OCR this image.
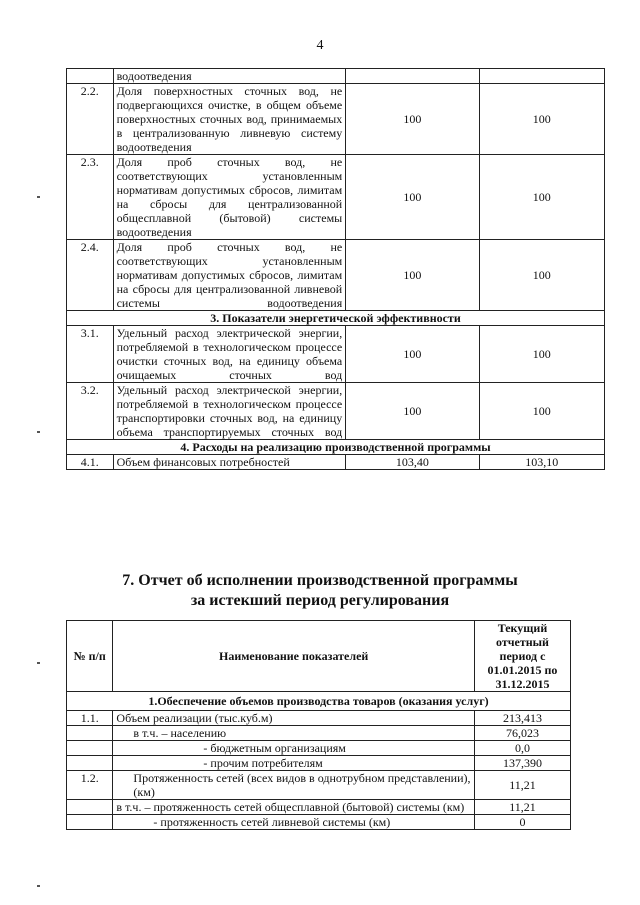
4
	водоотведения		
2.2.	Доля поверхностных сточных вод, не подвергающихся очистке, в общем объеме поверхностных сточных вод, принимаемых в централизованную ливневую систему водоотведения	100	100
2.3.	Доля проб сточных вод, не соответствующих установленным нормативам допустимых сбросов, лимитам на сбросы для централизованной общесплавной (бытовой) системы водоотведения	100	100
2.4.	Доля проб сточных вод, не соответствующих установленным нормативам допустимых сбросов, лимитам на сбросы для централизованной ливневой системы водоотведения	100	100
3. Показатели энергетической эффективности			
3.1.	Удельный расход электрической энергии, потребляемой в технологическом процессе очистки сточных вод, на единицу объема очищаемых сточных вод	100	100
3.2.	Удельный расход электрической энергии, потребляемой в технологическом процессе транспортировки сточных вод, на единицу объема транспортируемых сточных вод	100	100
4. Расходы на реализацию производственной программы			
4.1.	Объем финансовых потребностей	103,40	103,10
7. Отчет об исполнении производственной программы
за истекший период регулирования
№ п/п	Наименование показателей	Текущий отчетный период с 01.01.2015 по 31.12.2015
1.Обеспечение объемов производства товаров (оказания услуг)		
1.1.	Объем реализации (тыс.куб.м)	213,413
	в т.ч. – населению	76,023
	- бюджетным организациям	0,0
	- прочим потребителям	137,390
1.2.	Протяженность сетей (всех видов в однотрубном представлении), (км)	11,21
	в т.ч. – протяженность сетей общесплавной (бытовой) системы (км)	11,21
	- протяженность сетей ливневой системы (км)	0
